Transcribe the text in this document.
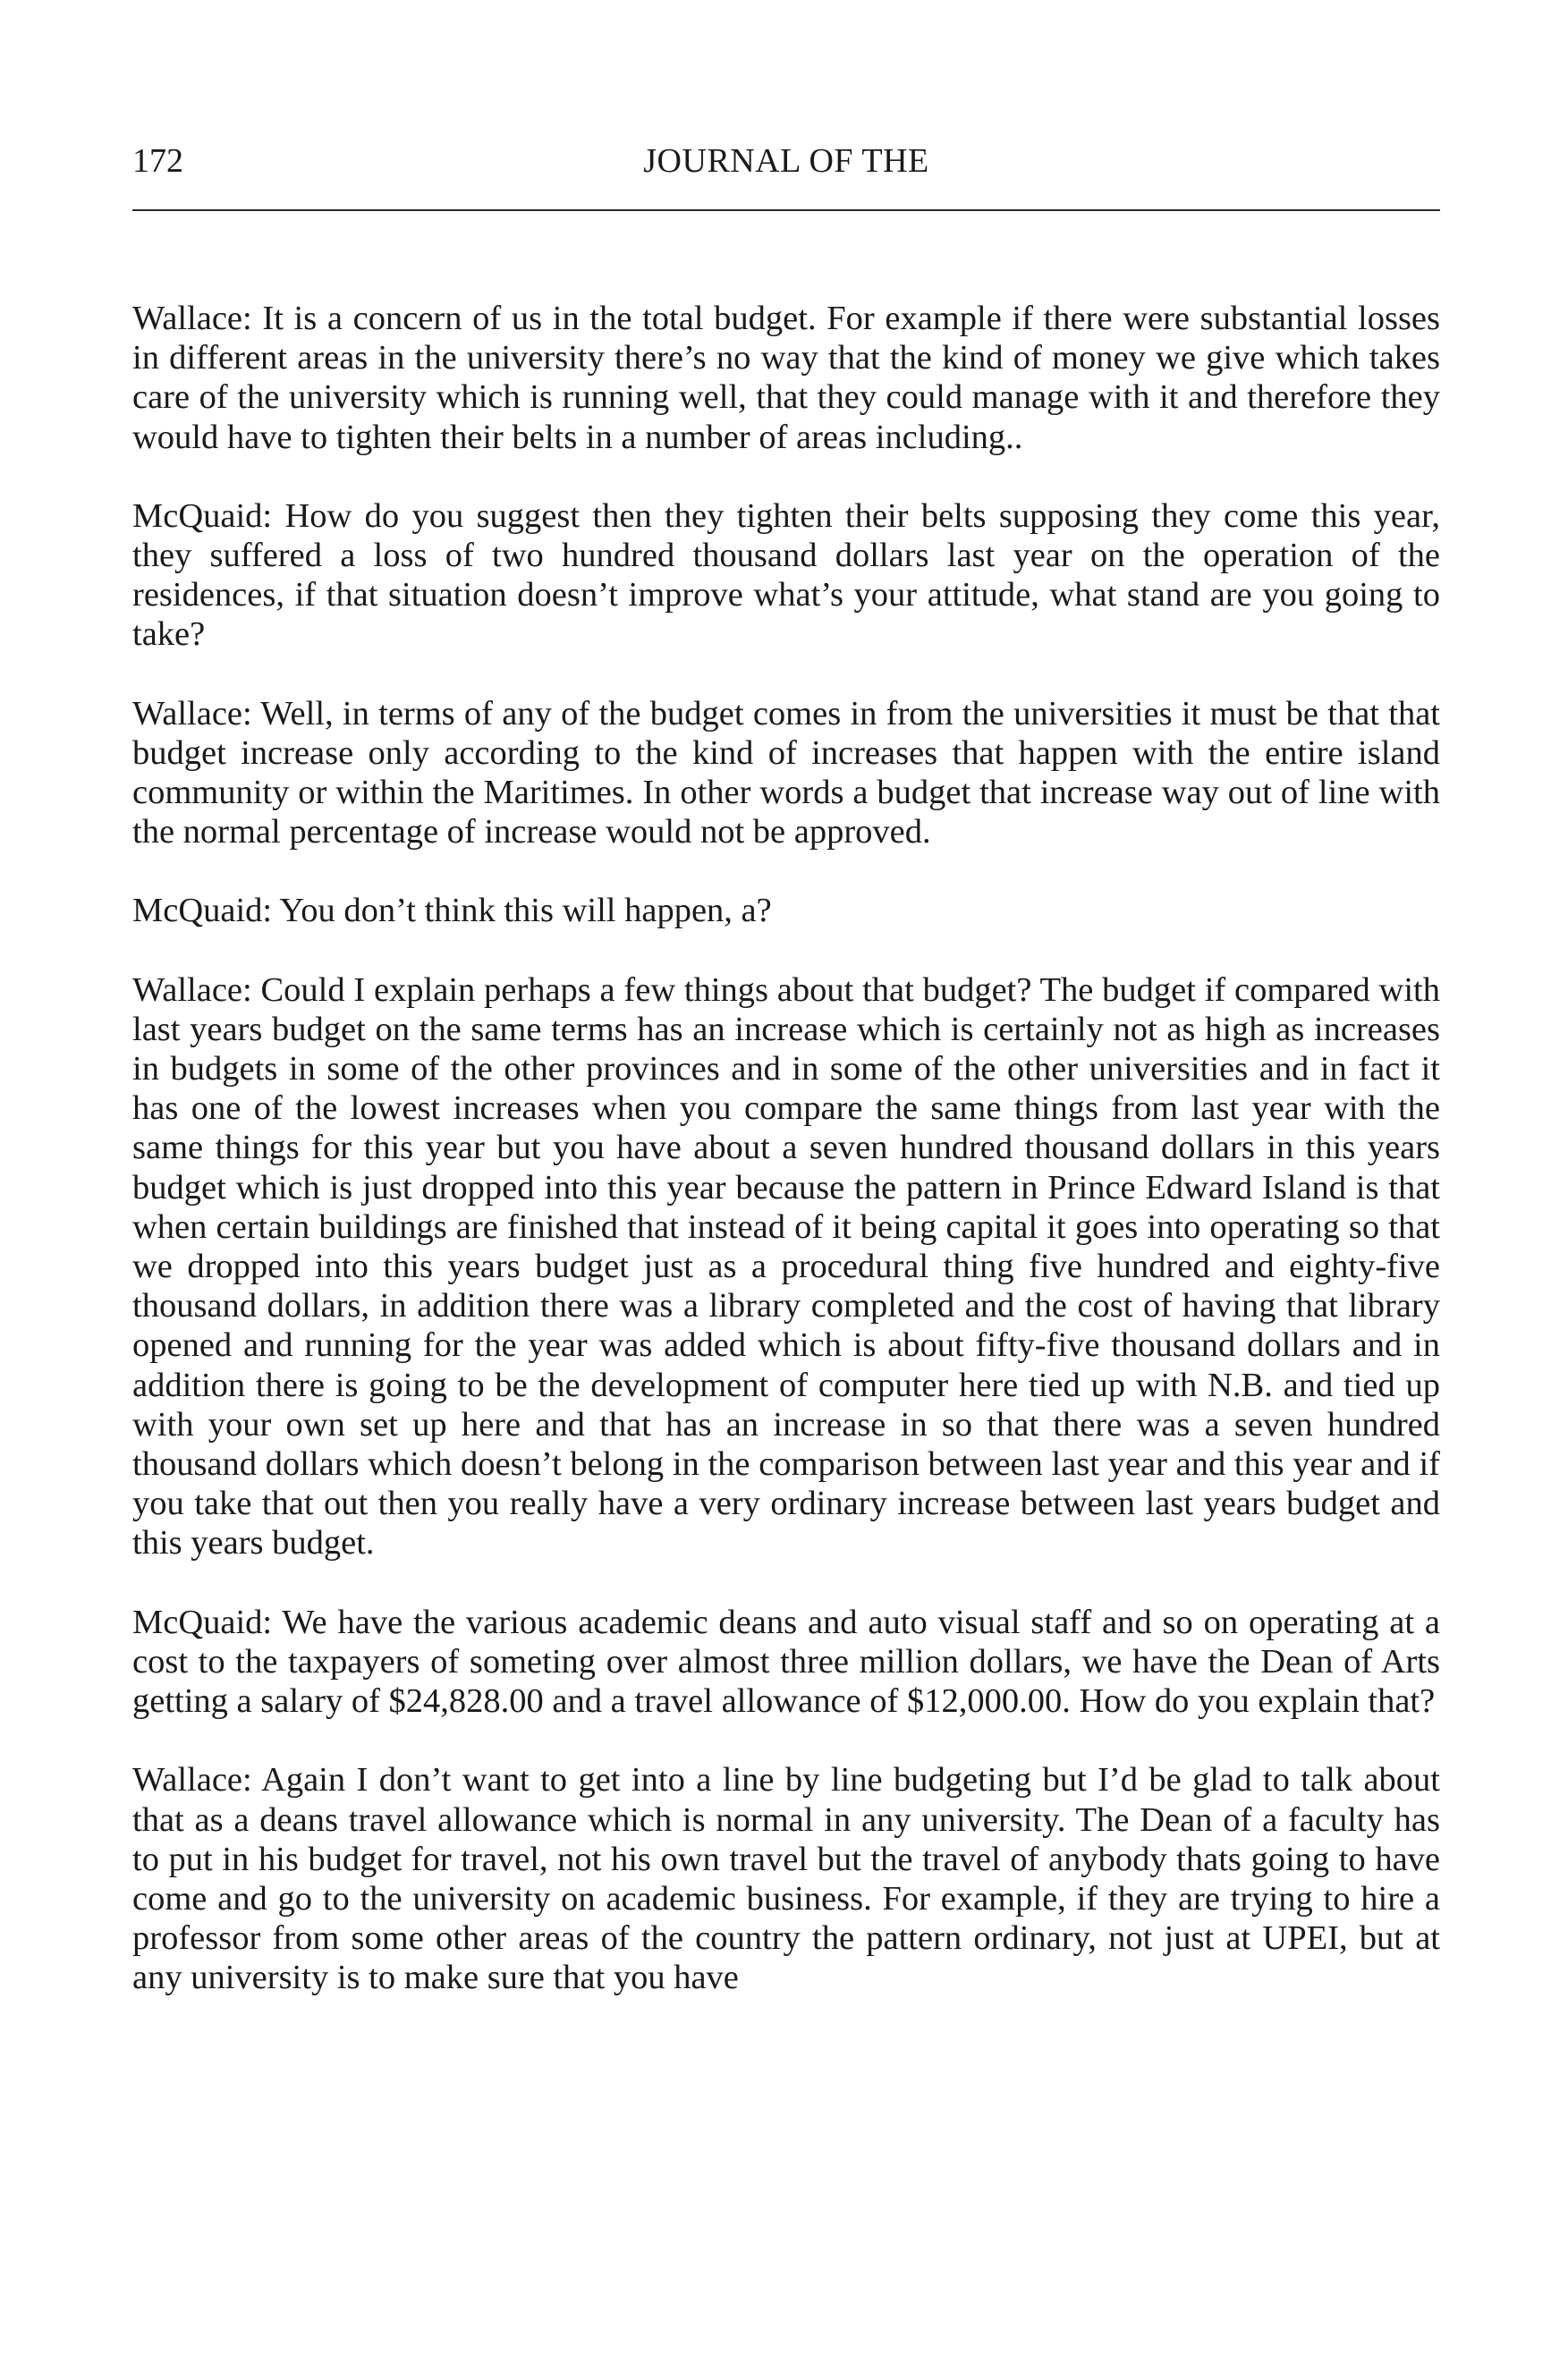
172	JOURNAL OF THE

Wallace: It is a concern of us in the total budget. For example if there were substantial losses in different areas in the university there’s no way that the kind of money we give which takes care of the university which is running well, that they could manage with it and therefore they would have to tighten their belts in a number of areas including..

McQuaid: How do you suggest then they tighten their belts supposing they come this year, they suffered a loss of two hundred thousand dollars last year on the operation of the residences, if that situation doesn’t improve what’s your attitude, what stand are you going to take?

Wallace: Well, in terms of any of the budget comes in from the universities it must be that that budget increase only according to the kind of increases that happen with the entire island community or within the Maritimes. In other words a budget that increase way out of line with the normal percentage of increase would not be approved.

McQuaid: You don’t think this will happen, a?

Wallace: Could I explain perhaps a few things about that budget? The budget if compared with last years budget on the same terms has an increase which is certainly not as high as increases in budgets in some of the other provinces and in some of the other universities and in fact it has one of the lowest increases when you compare the same things from last year with the same things for this year but you have about a seven hundred thousand dollars in this years budget which is just dropped into this year because the pattern in Prince Edward Island is that when certain buildings are finished that instead of it being capital it goes into operating so that we dropped into this years budget just as a procedural thing five hundred and eighty-five thousand dollars, in addition there was a library completed and the cost of having that library opened and running for the year was added which is about fifty-five thousand dollars and in addition there is going to be the development of computer here tied up with N.B. and tied up with your own set up here and that has an increase in so that there was a seven hundred thousand dollars which doesn’t belong in the comparison between last year and this year and if you take that out then you really have a very ordinary increase between last years budget and this years budget.

McQuaid: We have the various academic deans and auto visual staff and so on operating at a cost to the taxpayers of someting over almost three million dollars, we have the Dean of Arts getting a salary of $24,828.00 and a travel allowance of $12,000.00. How do you explain that?

Wallace: Again I don’t want to get into a line by line budgeting but I’d be glad to talk about that as a deans travel allowance which is normal in any university. The Dean of a faculty has to put in his budget for travel, not his own travel but the travel of anybody thats going to have come and go to the university on academic business. For example, if they are trying to hire a professor from some other areas of the country the pattern ordinary, not just at UPEI, but at any university is to make sure that you have
